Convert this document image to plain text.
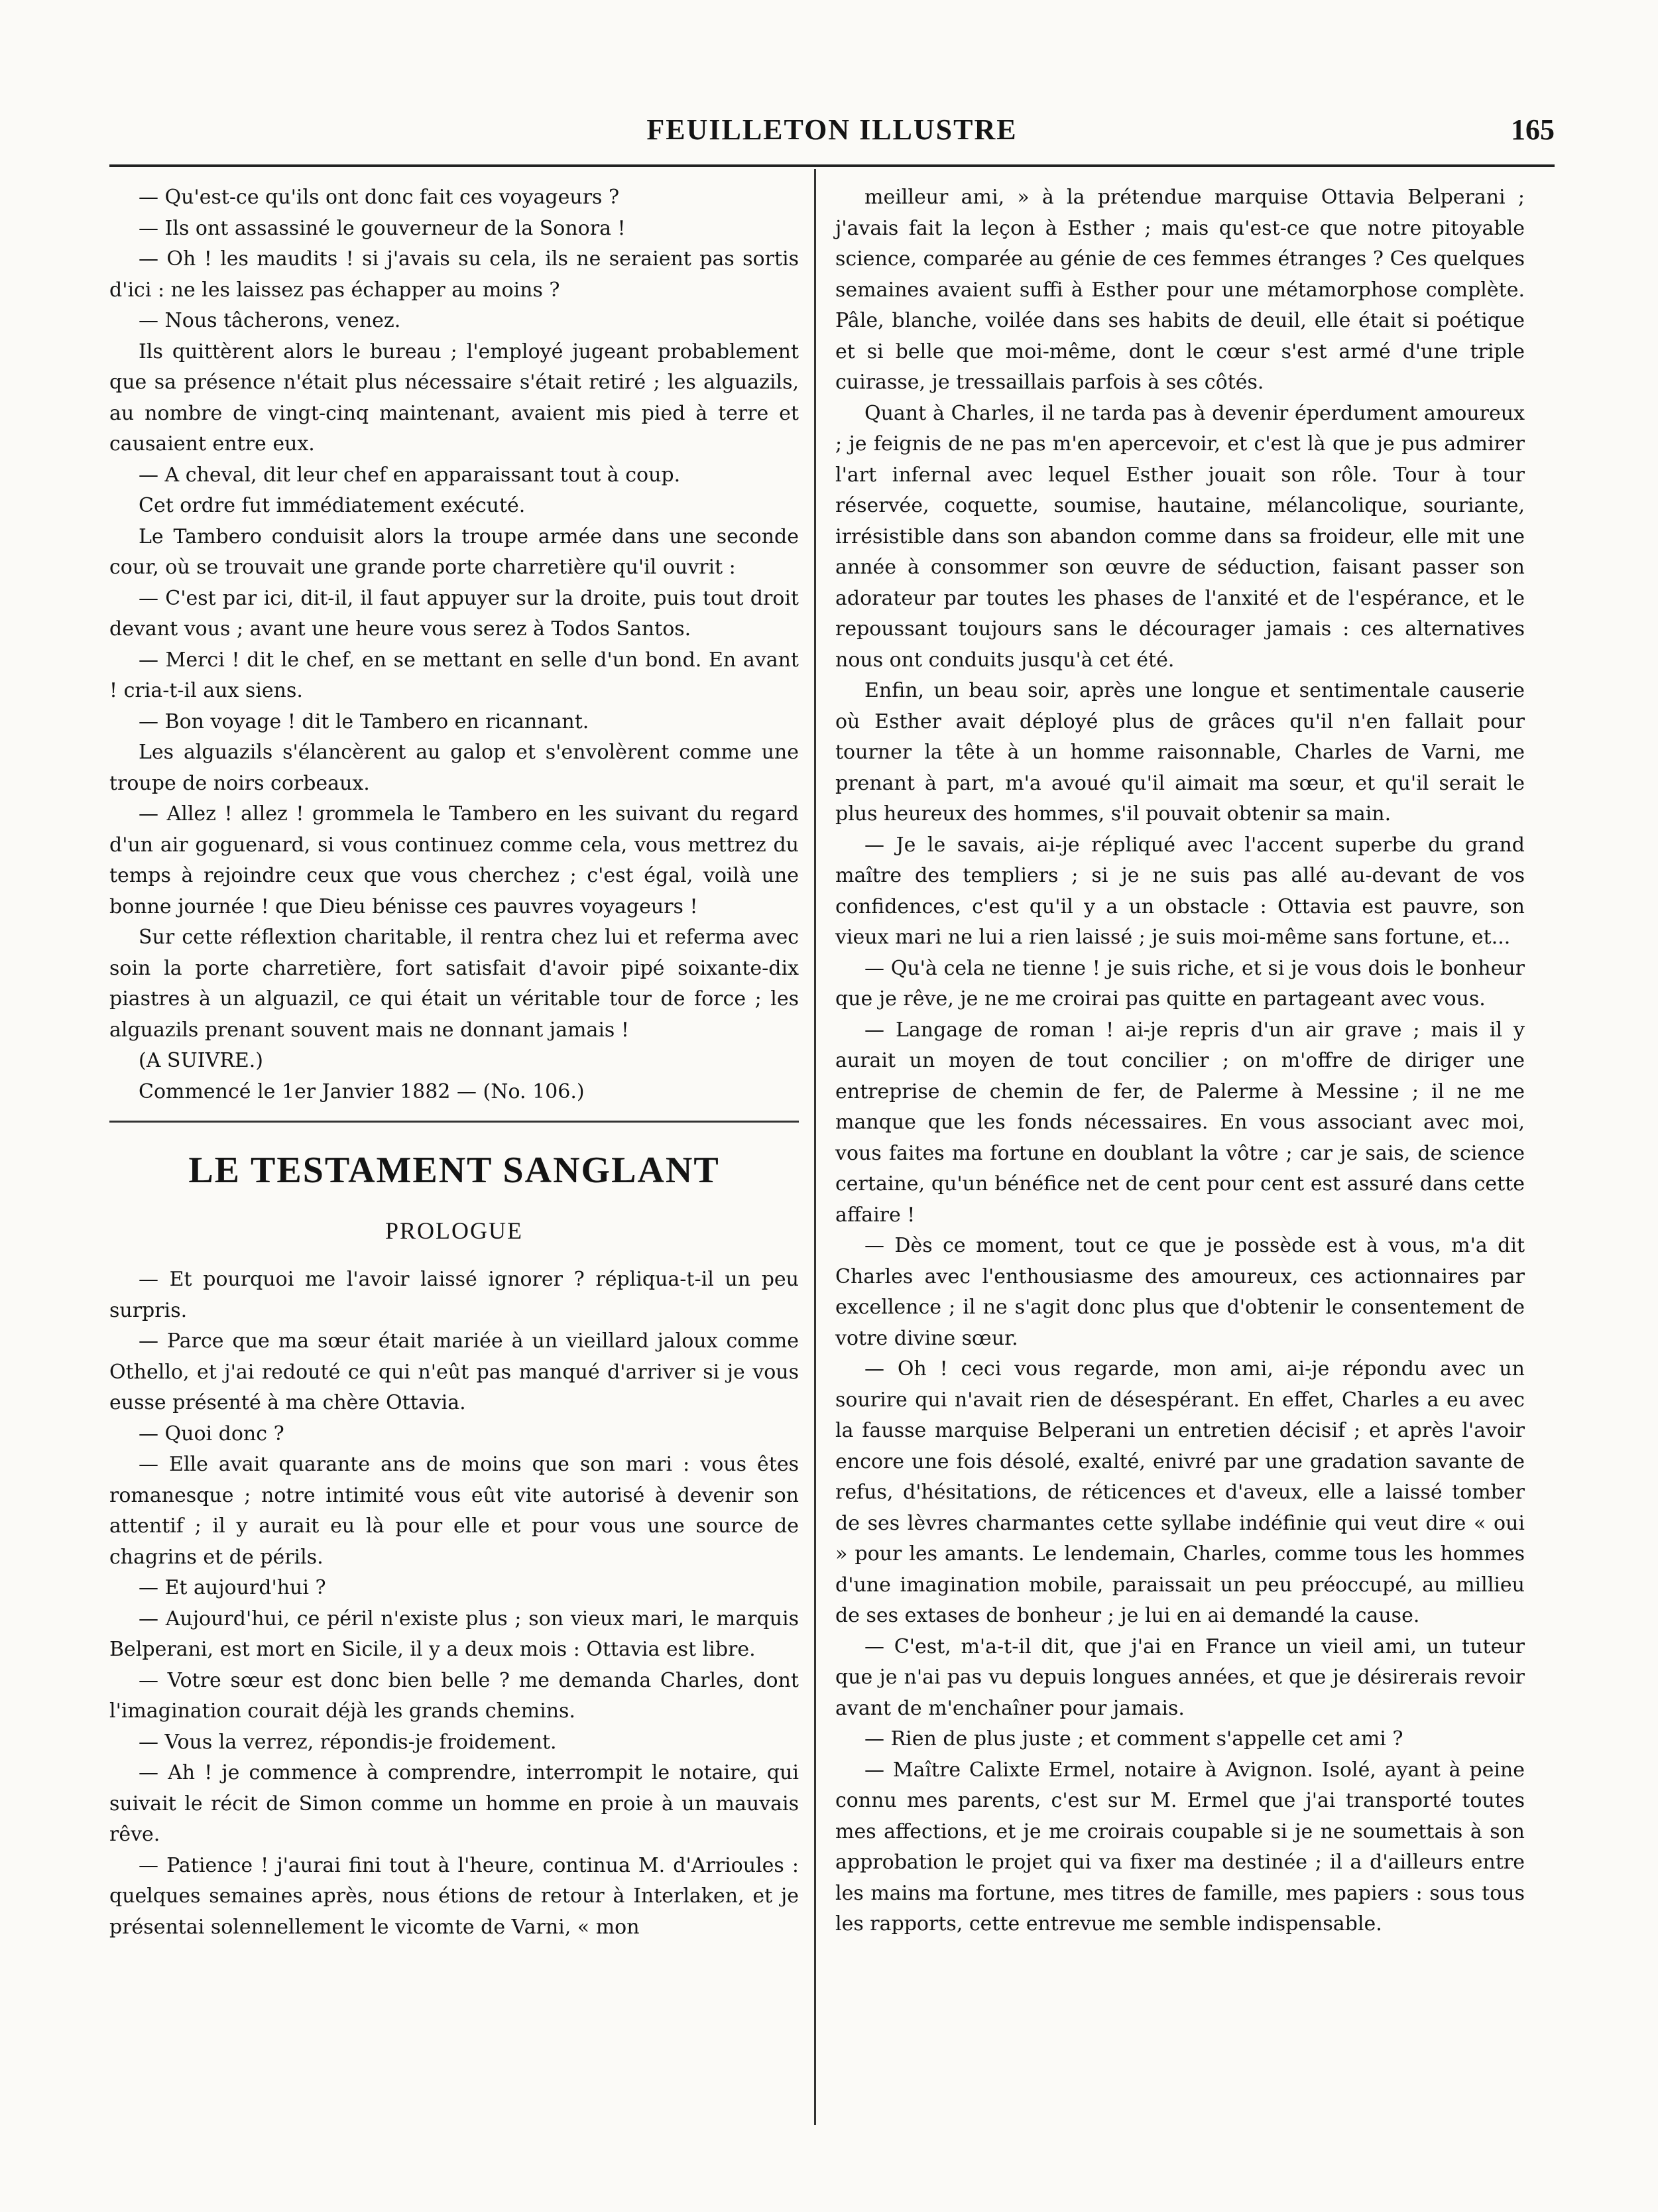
FEUILLETON ILLUSTRE	165

— Qu'est-ce qu'ils ont donc fait ces voyageurs ?

— Ils ont assassiné le gouverneur de la Sonora !

— Oh ! les maudits ! si j'avais su cela, ils ne seraient pas sortis d'ici : ne les laissez pas échapper au moins ?

— Nous tâcherons, venez.

Ils quittèrent alors le bureau ; l'employé jugeant probablement que sa présence n'était plus nécessaire s'était retiré ; les alguazils, au nombre de vingt-cinq maintenant, avaient mis pied à terre et causaient entre eux.

— A cheval, dit leur chef en apparaissant tout à coup.

Cet ordre fut immédiatement exécuté.

Le Tambero conduisit alors la troupe armée dans une seconde cour, où se trouvait une grande porte charretière qu'il ouvrit :

— C'est par ici, dit-il, il faut appuyer sur la droite, puis tout droit devant vous ; avant une heure vous serez à Todos Santos.

— Merci ! dit le chef, en se mettant en selle d'un bond. En avant ! cria-t-il aux siens.

— Bon voyage ! dit le Tambero en ricannant.

Les alguazils s'élancèrent au galop et s'envolèrent comme une troupe de noirs corbeaux.

— Allez ! allez ! grommela le Tambero en les suivant du regard d'un air goguenard, si vous continuez comme cela, vous mettrez du temps à rejoindre ceux que vous cherchez ; c'est égal, voilà une bonne journée ! que Dieu bénisse ces pauvres voyageurs !

Sur cette réflextion charitable, il rentra chez lui et referma avec soin la porte charretière, fort satisfait d'avoir pipé soixante-dix piastres à un alguazil, ce qui était un véritable tour de force ; les alguazils prenant souvent mais ne donnant jamais !

(A SUIVRE.)

Commencé le 1er Janvier 1882 — (No. 106.)

LE TESTAMENT SANGLANT
PROLOGUE

— Et pourquoi me l'avoir laissé ignorer ? répliqua-t-il un peu surpris.

— Parce que ma sœur était mariée à un vieillard jaloux comme Othello, et j'ai redouté ce qui n'eût pas manqué d'arriver si je vous eusse présenté à ma chère Ottavia.

— Quoi donc ?

— Elle avait quarante ans de moins que son mari : vous êtes romanesque ; notre intimité vous eût vite autorisé à devenir son attentif ; il y aurait eu là pour elle et pour vous une source de chagrins et de périls.

— Et aujourd'hui ?

— Aujourd'hui, ce péril n'existe plus ; son vieux mari, le marquis Belperani, est mort en Sicile, il y a deux mois : Ottavia est libre.

— Votre sœur est donc bien belle ? me demanda Charles, dont l'imagination courait déjà les grands chemins.

— Vous la verrez, répondis-je froidement.

— Ah ! je commence à comprendre, interrompit le notaire, qui suivait le récit de Simon comme un homme en proie à un mauvais rêve.

— Patience ! j'aurai fini tout à l'heure, continua M. d'Arrioules : quelques semaines après, nous étions de retour à Interlaken, et je présentai solennellement le vicomte de Varni, « mon

meilleur ami, » à la prétendue marquise Ottavia Belperani ; j'avais fait la leçon à Esther ; mais qu'est-ce que notre pitoyable science, comparée au génie de ces femmes étranges ? Ces quelques semaines avaient suffi à Esther pour une métamorphose complète. Pâle, blanche, voilée dans ses habits de deuil, elle était si poétique et si belle que moi-même, dont le cœur s'est armé d'une triple cuirasse, je tressaillais parfois à ses côtés.

Quant à Charles, il ne tarda pas à devenir éperdument amoureux ; je feignis de ne pas m'en apercevoir, et c'est là que je pus admirer l'art infernal avec lequel Esther jouait son rôle. Tour à tour réservée, coquette, soumise, hautaine, mélancolique, souriante, irrésistible dans son abandon comme dans sa froideur, elle mit une année à consommer son œuvre de séduction, faisant passer son adorateur par toutes les phases de l'anxité et de l'espérance, et le repoussant toujours sans le décourager jamais : ces alternatives nous ont conduits jusqu'à cet été.

Enfin, un beau soir, après une longue et sentimentale causerie où Esther avait déployé plus de grâces qu'il n'en fallait pour tourner la tête à un homme raisonnable, Charles de Varni, me prenant à part, m'a avoué qu'il aimait ma sœur, et qu'il serait le plus heureux des hommes, s'il pouvait obtenir sa main.

— Je le savais, ai-je répliqué avec l'accent superbe du grand maître des templiers ; si je ne suis pas allé au-devant de vos confidences, c'est qu'il y a un obstacle : Ottavia est pauvre, son vieux mari ne lui a rien laissé ; je suis moi-même sans fortune, et...

— Qu'à cela ne tienne ! je suis riche, et si je vous dois le bonheur que je rêve, je ne me croirai pas quitte en partageant avec vous.

— Langage de roman ! ai-je repris d'un air grave ; mais il y aurait un moyen de tout concilier ; on m'offre de diriger une entreprise de chemin de fer, de Palerme à Messine ; il ne me manque que les fonds nécessaires. En vous associant avec moi, vous faites ma fortune en doublant la vôtre ; car je sais, de science certaine, qu'un bénéfice net de cent pour cent est assuré dans cette affaire !

— Dès ce moment, tout ce que je possède est à vous, m'a dit Charles avec l'enthousiasme des amoureux, ces actionnaires par excellence ; il ne s'agit donc plus que d'obtenir le consentement de votre divine sœur.

— Oh ! ceci vous regarde, mon ami, ai-je répondu avec un sourire qui n'avait rien de désespérant. En effet, Charles a eu avec la fausse marquise Belperani un entretien décisif ; et après l'avoir encore une fois désolé, exalté, enivré par une gradation savante de refus, d'hésitations, de réticences et d'aveux, elle a laissé tomber de ses lèvres charmantes cette syllabe indéfinie qui veut dire « oui » pour les amants. Le lendemain, Charles, comme tous les hommes d'une imagination mobile, paraissait un peu préoccupé, au millieu de ses extases de bonheur ; je lui en ai demandé la cause.

— C'est, m'a-t-il dit, que j'ai en France un vieil ami, un tuteur que je n'ai pas vu depuis longues années, et que je désirerais revoir avant de m'enchaîner pour jamais.

— Rien de plus juste ; et comment s'appelle cet ami ?

— Maître Calixte Ermel, notaire à Avignon. Isolé, ayant à peine connu mes parents, c'est sur M. Ermel que j'ai transporté toutes mes affections, et je me croirais coupable si je ne soumettais à son approbation le projet qui va fixer ma destinée ; il a d'ailleurs entre les mains ma fortune, mes titres de famille, mes papiers : sous tous les rapports, cette entrevue me semble indispensable.
